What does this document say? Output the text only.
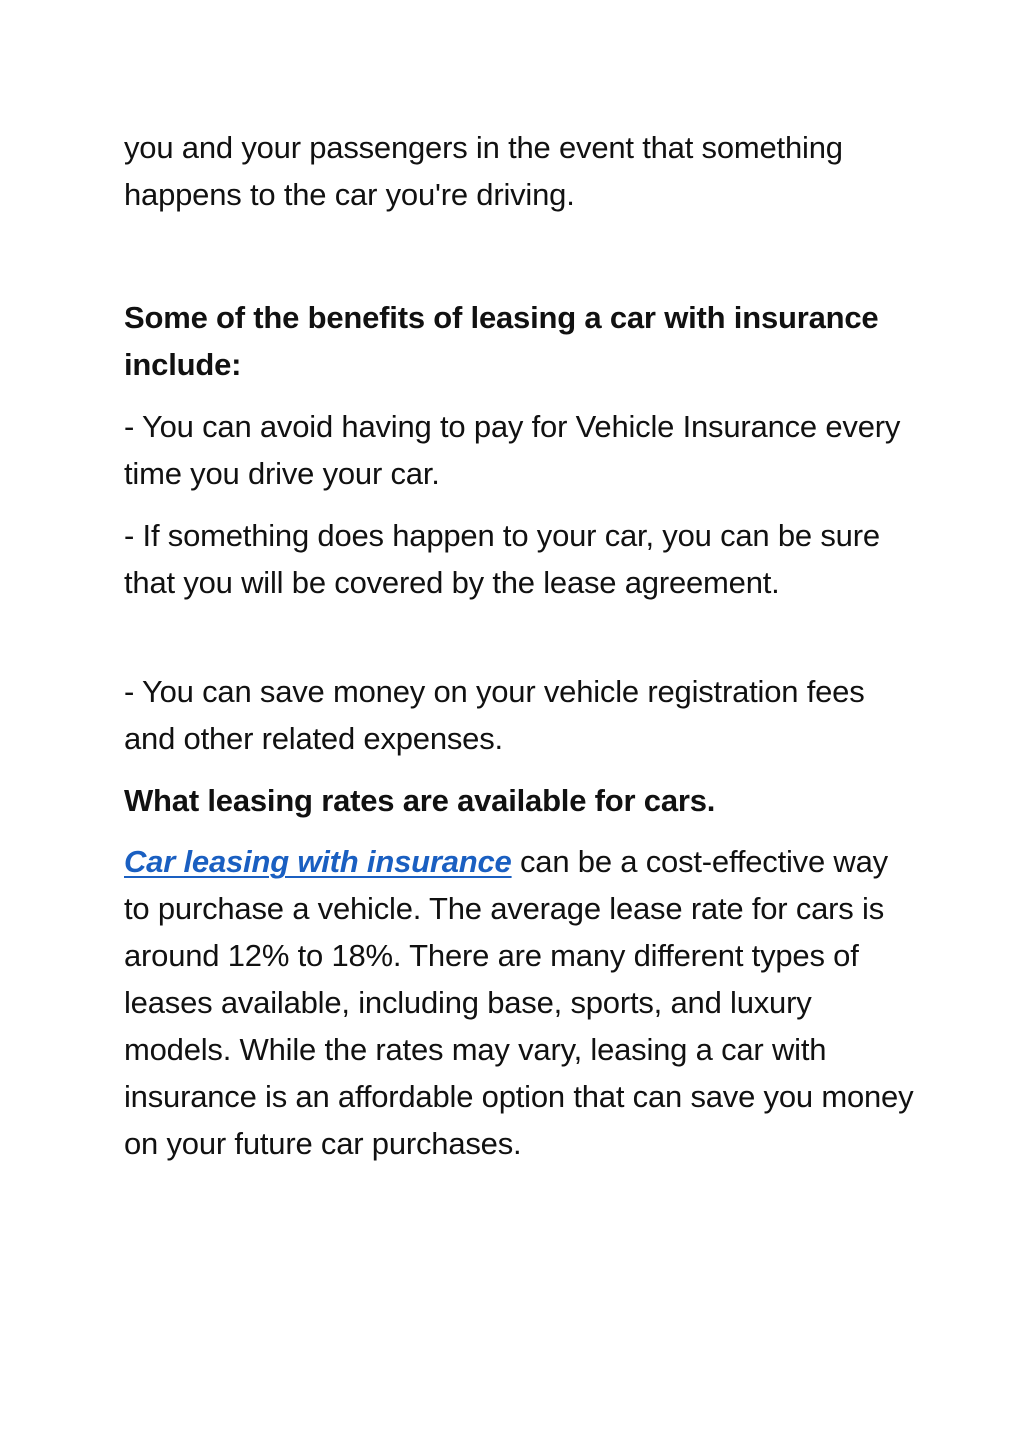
you and your passengers in the event that something happens to the car you're driving.

Some of the benefits of leasing a car with insurance include:

- You can avoid having to pay for Vehicle Insurance every time you drive your car.

- If something does happen to your car, you can be sure that you will be covered by the lease agreement.

- You can save money on your vehicle registration fees and other related expenses.

What leasing rates are available for cars.

Car leasing with insurance can be a cost-effective way to purchase a vehicle. The average lease rate for cars is around 12% to 18%. There are many different types of leases available, including base, sports, and luxury models. While the rates may vary, leasing a car with insurance is an affordable option that can save you money on your future car purchases.
